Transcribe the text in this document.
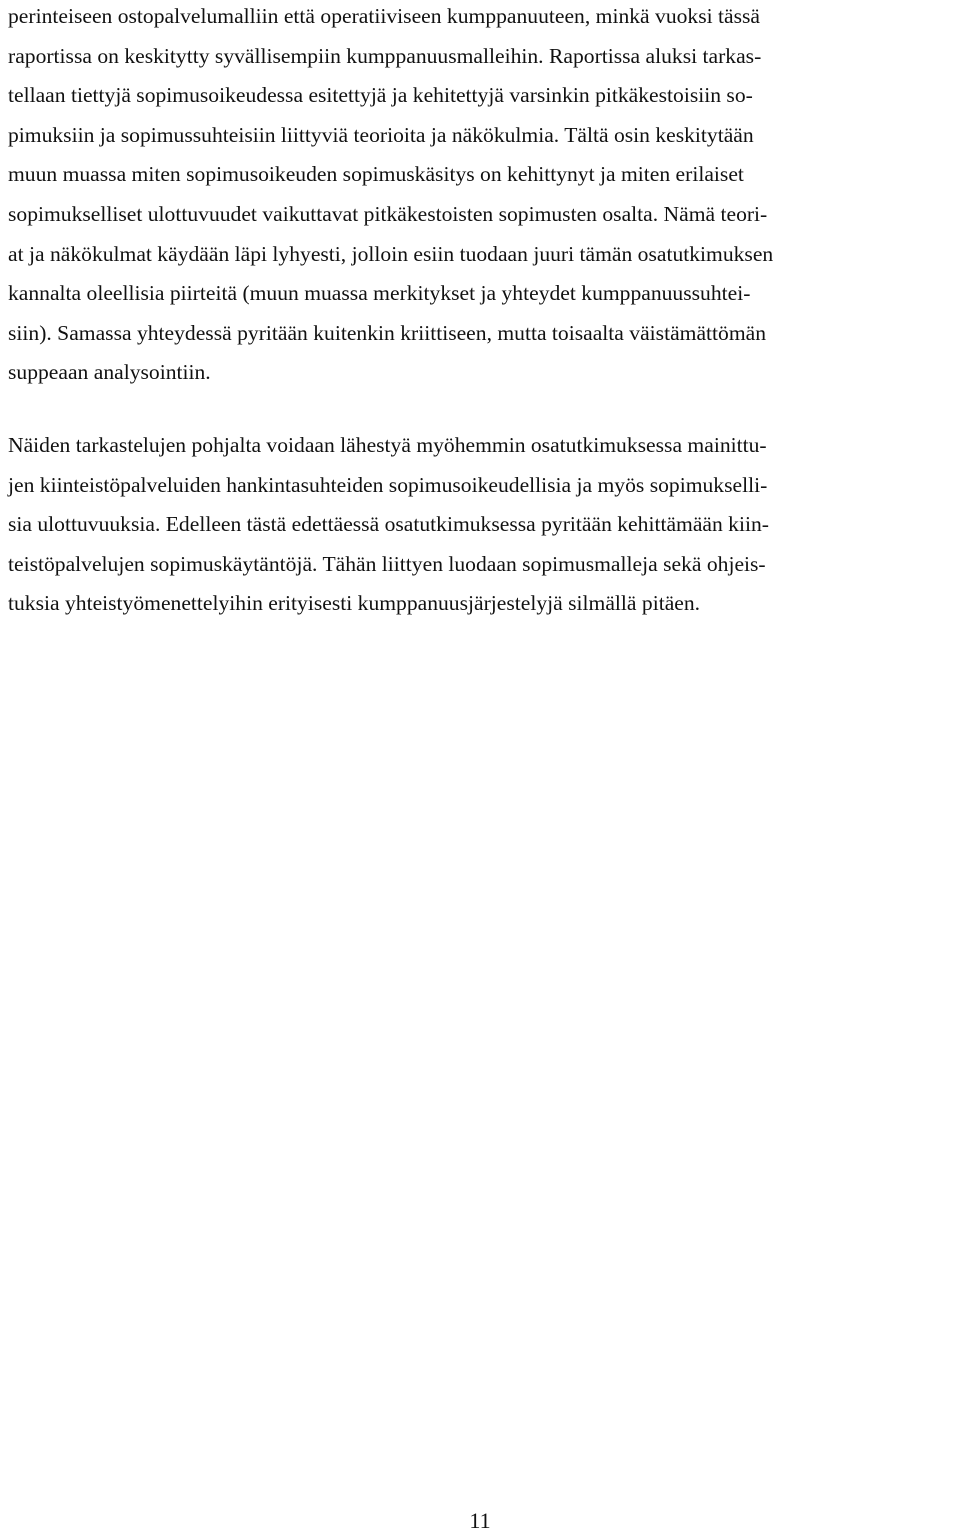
perinteiseen ostopalvelumalliin että operatiiviseen kumppanuuteen, minkä vuoksi tässä
raportissa on keskitytty syvällisempiin kumppanuusmalleihin. Raportissa aluksi tarkas-
tellaan tiettyjä sopimusoikeudessa esitettyjä ja kehitettyjä varsinkin pitkäkestoisiin so-
pimuksiin ja sopimussuhteisiin liittyviä teorioita ja näkökulmia. Tältä osin keskitytään
muun muassa miten sopimusoikeuden sopimuskäsitys on kehittynyt ja miten erilaiset
sopimukselliset ulottuvuudet vaikuttavat pitkäkestoisten sopimusten osalta. Nämä teori-
at ja näkökulmat käydään läpi lyhyesti, jolloin esiin tuodaan juuri tämän osatutkimuksen
kannalta oleellisia piirteitä (muun muassa merkitykset ja yhteydet kumppanuussuhtei-
siin). Samassa yhteydessä pyritään kuitenkin kriittiseen, mutta toisaalta väistämättömän
suppeaan analysointiin.
Näiden tarkastelujen pohjalta voidaan lähestyä myöhemmin osatutkimuksessa mainittu-
jen kiinteistöpalveluiden hankintasuhteiden sopimusoikeudellisia ja myös sopimukselli-
sia ulottuvuuksia. Edelleen tästä edettäessä osatutkimuksessa pyritään kehittämään kiin-
teistöpalvelujen sopimuskäytäntöjä. Tähän liittyen luodaan sopimusmalleja sekä ohjeis-
tuksia yhteistyömenettelyihin erityisesti kumppanuusjärjestelyjä silmällä pitäen.
11
